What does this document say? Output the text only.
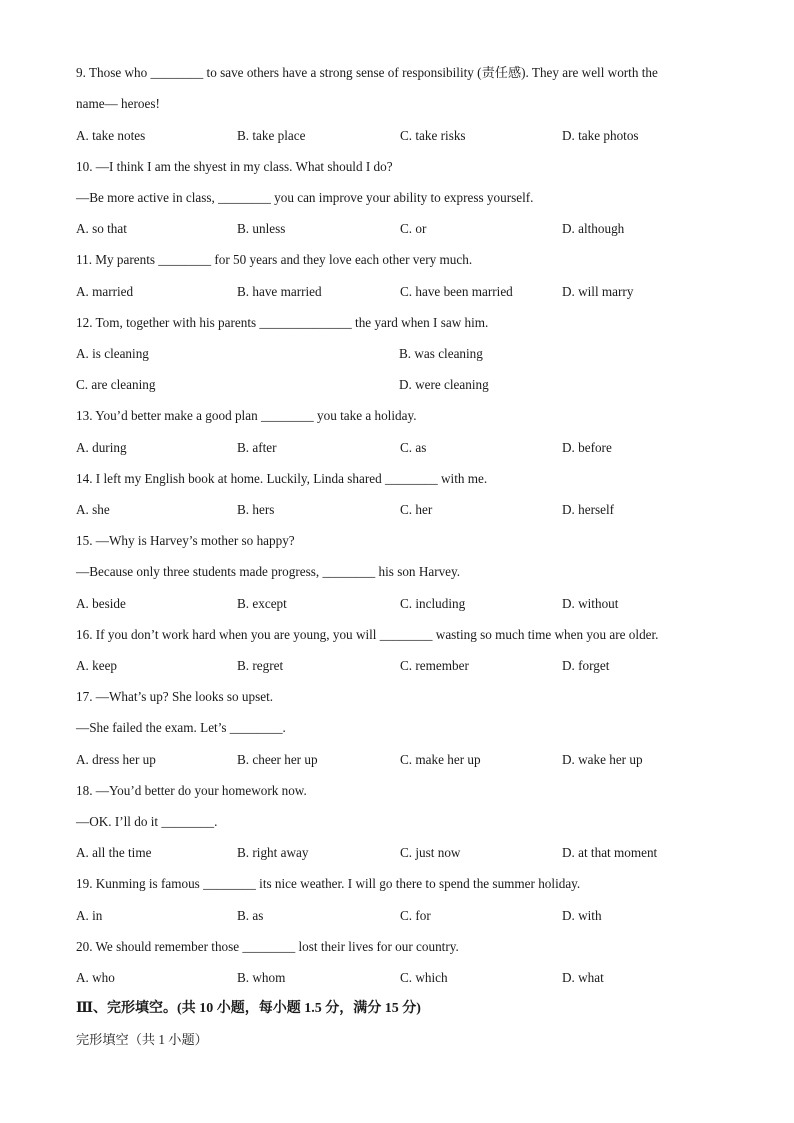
9. Those who ________ to save others have a strong sense of responsibility (责任感). They are well worth the
name— heroes!
A. take notes	B. take place	C. take risks	D. take photos
10. —I think I am the shyest in my class. What should I do?
—Be more active in class, ________ you can improve your ability to express yourself.
A. so that	B. unless	C. or	D. although
11. My parents ________ for 50 years and they love each other very much.
A. married	B. have married	C. have been married	D. will marry
12. Tom, together with his parents ______________ the yard when I saw him.
A. is cleaning	B. was cleaning
C. are cleaning	D. were cleaning
13. You’d better make a good plan ________ you take a holiday.
A. during	B. after	C. as	D. before
14. I left my English book at home. Luckily, Linda shared ________ with me.
A. she	B. hers	C. her	D. herself
15. —Why is Harvey’s mother so happy?
—Because only three students made progress, ________ his son Harvey.
A. beside	B. except	C. including	D. without
16. If you don’t work hard when you are young, you will ________ wasting so much time when you are older.
A. keep	B. regret	C. remember	D. forget
17. —What’s up? She looks so upset.
—She failed the exam. Let’s ________.
A. dress her up	B. cheer her up	C. make her up	D. wake her up
18. —You’d better do your homework now.
—OK. I’ll do it ________.
A. all the time	B. right away	C. just now	D. at that moment
19. Kunming is famous ________ its nice weather. I will go there to spend the summer holiday.
A. in	B. as	C. for	D. with
20. We should remember those ________ lost their lives for our country.
A. who	B. whom	C. which	D. what
Ⅲ、完形填空。(共 10 小题，每小题 1.5 分，满分 15 分)
完形填空（共 1 小题）
